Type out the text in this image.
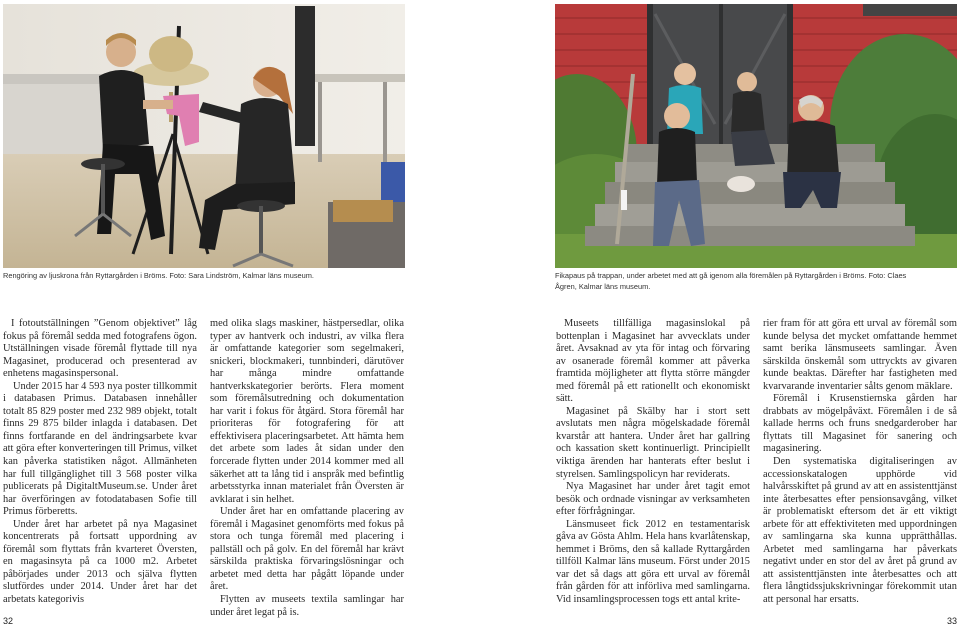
Rengöring av ljuskrona från Ryttargården i Bröms. Foto: Sara Lindström, Kalmar läns museum.	Fikapaus på trappan, under arbetet med att gå igenom alla föremålen på Ryttargården i Bröms. Foto: Claes Ågren, Kalmar läns museum.

I fotoutställningen ”Genom objektivet” låg fokus på föremål sedda med fotografens ögon. Utställningen visade föremål flyttade till nya Magasinet, producerad och presenterad av enhetens magasinspersonal.

Under 2015 har 4 593 nya poster tillkommit i databasen Primus. Databasen innehåller totalt 85 829 poster med 232 989 objekt, totalt finns 29 875 bilder inlagda i databasen. Det finns fortfarande en del ändringsarbete kvar att göra efter konverteringen till Primus, vilket kan påverka statistiken något. Allmänheten har full tillgänglighet till 3 568 poster vilka publicerats på DigitaltMuseum.se. Under året har överföringen av fotodatabasen Sofie till Primus förberetts.

Under året har arbetet på nya Magasinet koncentrerats på fortsatt uppordning av föremål som flyttats från kvarteret Översten, en magasinsyta på ca 1000 m2. Arbetet påbörjades under 2013 och själva flytten slutfördes under 2014. Under året har det arbetats kategorivis

med olika slags maskiner, hästpersedlar, olika typer av hantverk och industri, av vilka flera är omfattande kategorier som segelmakeri, snickeri, blockmakeri, tunnbinderi, därutöver har många mindre omfattande hantverkskategorier berörts. Flera moment som föremålsutredning och dokumentation har varit i fokus för åtgärd. Stora föremål har prioriteras för fotografering för att effektivisera placeringsarbetet. Att hämta hem det arbete som lades åt sidan under den forcerade flytten under 2014 kommer med all säkerhet att ta lång tid i anspråk med befintlig arbetsstyrka innan materialet från Översten är avklarat i sin helhet.

Under året har en omfattande placering av föremål i Magasinet genomförts med fokus på stora och tunga föremål med placering i pallställ och på golv. En del föremål har krävt särskilda praktiska förvaringslösningar och arbetet med detta har pågått löpande under året.

Flytten av museets textila samlingar har under året legat på is.

Museets tillfälliga magasinslokal på bottenplan i Magasinet har avvecklats under året. Avsaknad av yta för intag och förvaring av osanerade föremål kommer att påverka framtida möjligheter att flytta större mängder med föremål på ett rationellt och ekonomiskt sätt.

Magasinet på Skälby har i stort sett avslutats men några mögelskadade föremål kvarstår att hantera. Under året har gallring och kassation skett kontinuerligt. Principiellt viktiga ärenden har hanterats efter beslut i styrelsen. Samlingspolicyn har reviderats.

Nya Magasinet har under året tagit emot besök och ordnade visningar av verksamheten efter förfrågningar.

Länsmuseet fick 2012 en testamentarisk gåva av Gösta Ahlm. Hela hans kvarlåtenskap, hemmet i Bröms, den så kallade Ryttargården tillföll Kalmar läns museum. Först under 2015 var det så dags att göra ett urval av föremål från gården för att införliva med samlingarna. Vid insamlingsprocessen togs ett antal krite-

rier fram för att göra ett urval av föremål som kunde belysa det mycket omfattande hemmet samt berika länsmuseets samlingar. Även särskilda önskemål som uttryckts av givaren kunde beaktas. Därefter har fastigheten med kvarvarande inventarier sålts genom mäklare.

Föremål i Krusenstiernska gården har drabbats av mögelpåväxt. Föremålen i de så kallade herrns och fruns snedgarderober har flyttats till Magasinet för sanering och magasinering.

Den systematiska digitaliseringen av accessionskatalogen upphörde vid halvårsskiftet på grund av att en assistenttjänst inte återbesattes efter pensionsavgång, vilket är problematiskt eftersom det är ett viktigt arbete för att effektiviteten med uppordningen av samlingarna ska kunna upprätthållas. Arbetet med samlingarna har påverkats negativt under en stor del av året på grund av att assistenttjänsten inte återbesattes och att flera långtidssjukskrivningar förekommit utan att personal har ersatts.

32	33
